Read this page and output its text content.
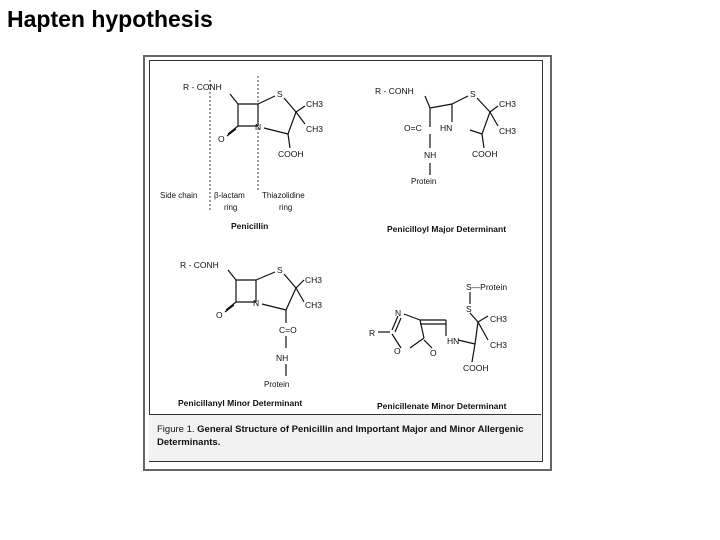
Hapten hypothesis
R - CONH
S
N
O
CH3
CH3
COOH
R - CONH	S
HN
O=C
NH
CH3
CH3
COOH
R - CONH	S
N
O
CH3
CH3
C=O
NH
S—Protein
S
R
N
O	O
HN
CH3
CH3
COOH
Side chain β-lactam
ring
Thiazolidine
ring
Protein
Protein
Penicillin	Penicilloyl Major Determinant
Penicillanyl Minor Determinant	Penicillenate Minor Determinant
Figure 1. General Structure of Penicillin and Important Major and Minor Allergenic Determinants.
